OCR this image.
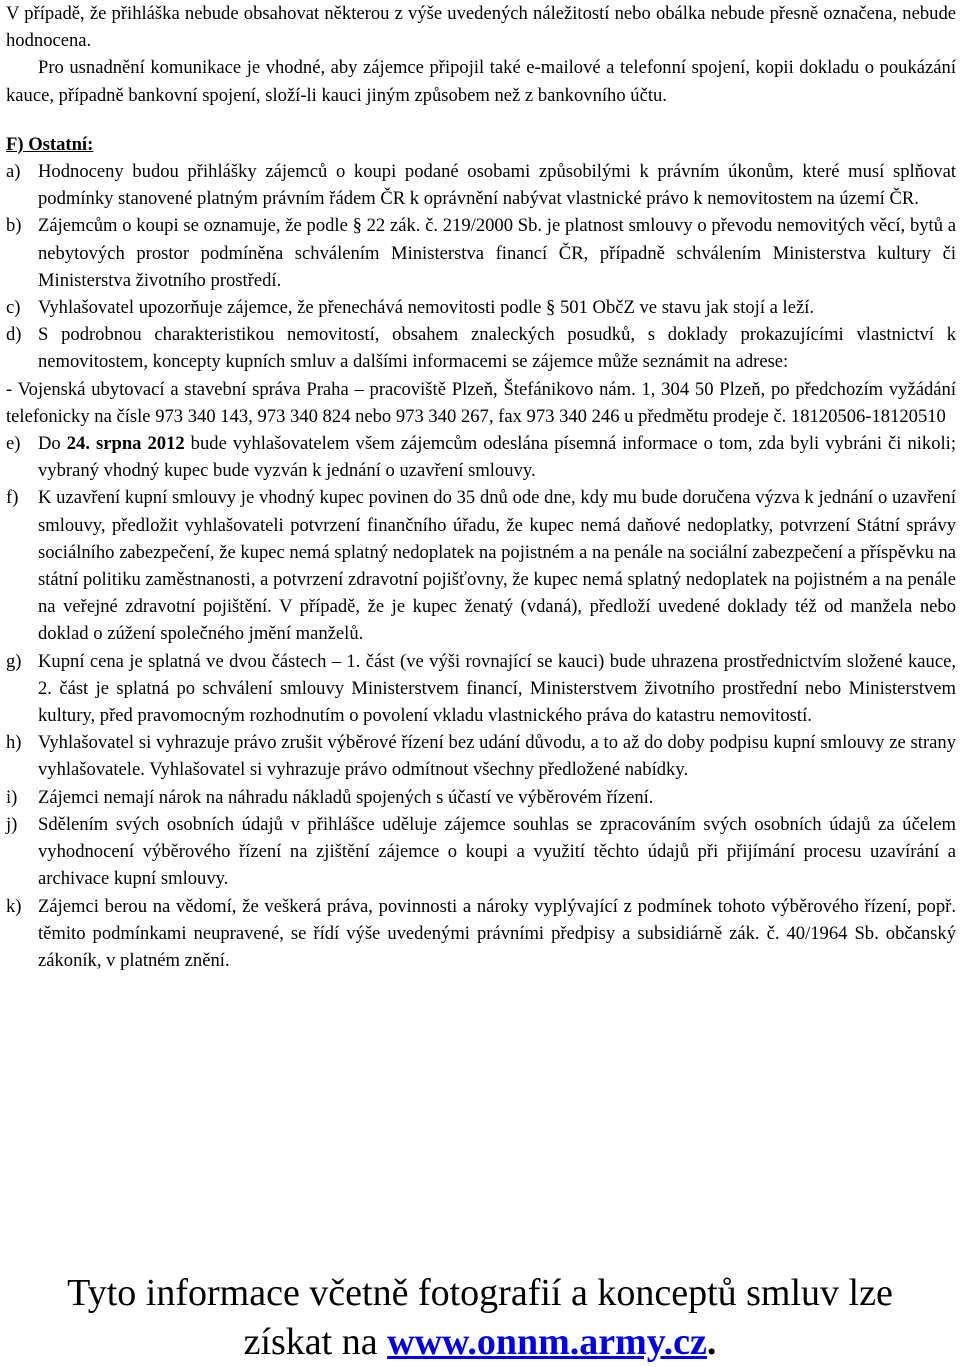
V případě, že přihláška nebude obsahovat některou z výše uvedených náležitostí nebo obálka nebude přesně označena, nebude hodnocena.

Pro usnadnění komunikace je vhodné, aby zájemce připojil také e-mailové a telefonní spojení, kopii dokladu o poukázání kauce, případně bankovní spojení, složí-li kauci jiným způsobem než z bankovního účtu.

F) Ostatní:
a) Hodnoceny budou přihlášky zájemců o koupi podané osobami způsobilými k právním úkonům, které musí splňovat podmínky stanovené platným právním řádem ČR k oprávnění nabývat vlastnické právo k nemovitostem na území ČR.
b) Zájemcům o koupi se oznamuje, že podle § 22 zák. č. 219/2000 Sb. je platnost smlouvy o převodu nemovitých věcí, bytů a nebytových prostor podmíněna schválením Ministerstva financí ČR, případně schválením Ministerstva kultury či Ministerstva životního prostředí.
c) Vyhlašovatel upozorňuje zájemce, že přenechává nemovitosti podle § 501 ObčZ ve stavu jak stojí a leží.
d) S podrobnou charakteristikou nemovitostí, obsahem znaleckých posudků, s doklady prokazujícími vlastnictví k nemovitostem, koncepty kupních smluv a dalšími informacemi se zájemce může seznámit na adrese:
- Vojenská ubytovací a stavební správa Praha – pracoviště Plzeň, Štefánikovo nám. 1, 304 50 Plzeň, po předchozím vyžádání telefonicky na čísle 973 340 143, 973 340 824 nebo 973 340 267, fax 973 340 246 u předmětu prodeje č. 18120506-18120510
e) Do 24. srpna 2012 bude vyhlašovatelem všem zájemcům odeslána písemná informace o tom, zda byli vybráni či nikoli; vybraný vhodný kupec bude vyzván k jednání o uzavření smlouvy.
f) K uzavření kupní smlouvy je vhodný kupec povinen do 35 dnů ode dne, kdy mu bude doručena výzva k jednání o uzavření smlouvy, předložit vyhlašovateli potvrzení finančního úřadu, že kupec nemá daňové nedoplatky, potvrzení Státní správy sociálního zabezpečení, že kupec nemá splatný nedoplatek na pojistném a na penále na sociální zabezpečení a příspěvku na státní politiku zaměstnanosti, a potvrzení zdravotní pojišťovny, že kupec nemá splatný nedoplatek na pojistném a na penále na veřejné zdravotní pojištění. V případě, že je kupec ženatý (vdaná), předloží uvedené doklady též od manžela nebo doklad o zúžení společného jmění manželů.
g) Kupní cena je splatná ve dvou částech – 1. část (ve výši rovnající se kauci) bude uhrazena prostřednictvím složené kauce, 2. část je splatná po schválení smlouvy Ministerstvem financí, Ministerstvem životního prostřední nebo Ministerstvem kultury, před pravomocným rozhodnutím o povolení vkladu vlastnického práva do katastru nemovitostí.
h) Vyhlašovatel si vyhrazuje právo zrušit výběrové řízení bez udání důvodu, a to až do doby podpisu kupní smlouvy ze strany vyhlašovatele. Vyhlašovatel si vyhrazuje právo odmítnout všechny předložené nabídky.
i) Zájemci nemají nárok na náhradu nákladů spojených s účastí ve výběrovém řízení.
j) Sdělením svých osobních údajů v přihlášce uděluje zájemce souhlas se zpracováním svých osobních údajů za účelem vyhodnocení výběrového řízení na zjištění zájemce o koupi a využití těchto údajů při přijímání procesu uzavírání a archivace kupní smlouvy.
k) Zájemci berou na vědomí, že veškerá práva, povinnosti a nároky vyplývající z podmínek tohoto výběrového řízení, popř. těmito podmínkami neupravené, se řídí výše uvedenými právními předpisy a subsidiárně zák. č. 40/1964 Sb. občanský zákoník, v platném znění.
Tyto informace včetně fotografií a konceptů smluv lze
získat na www.onnm.army.cz.
